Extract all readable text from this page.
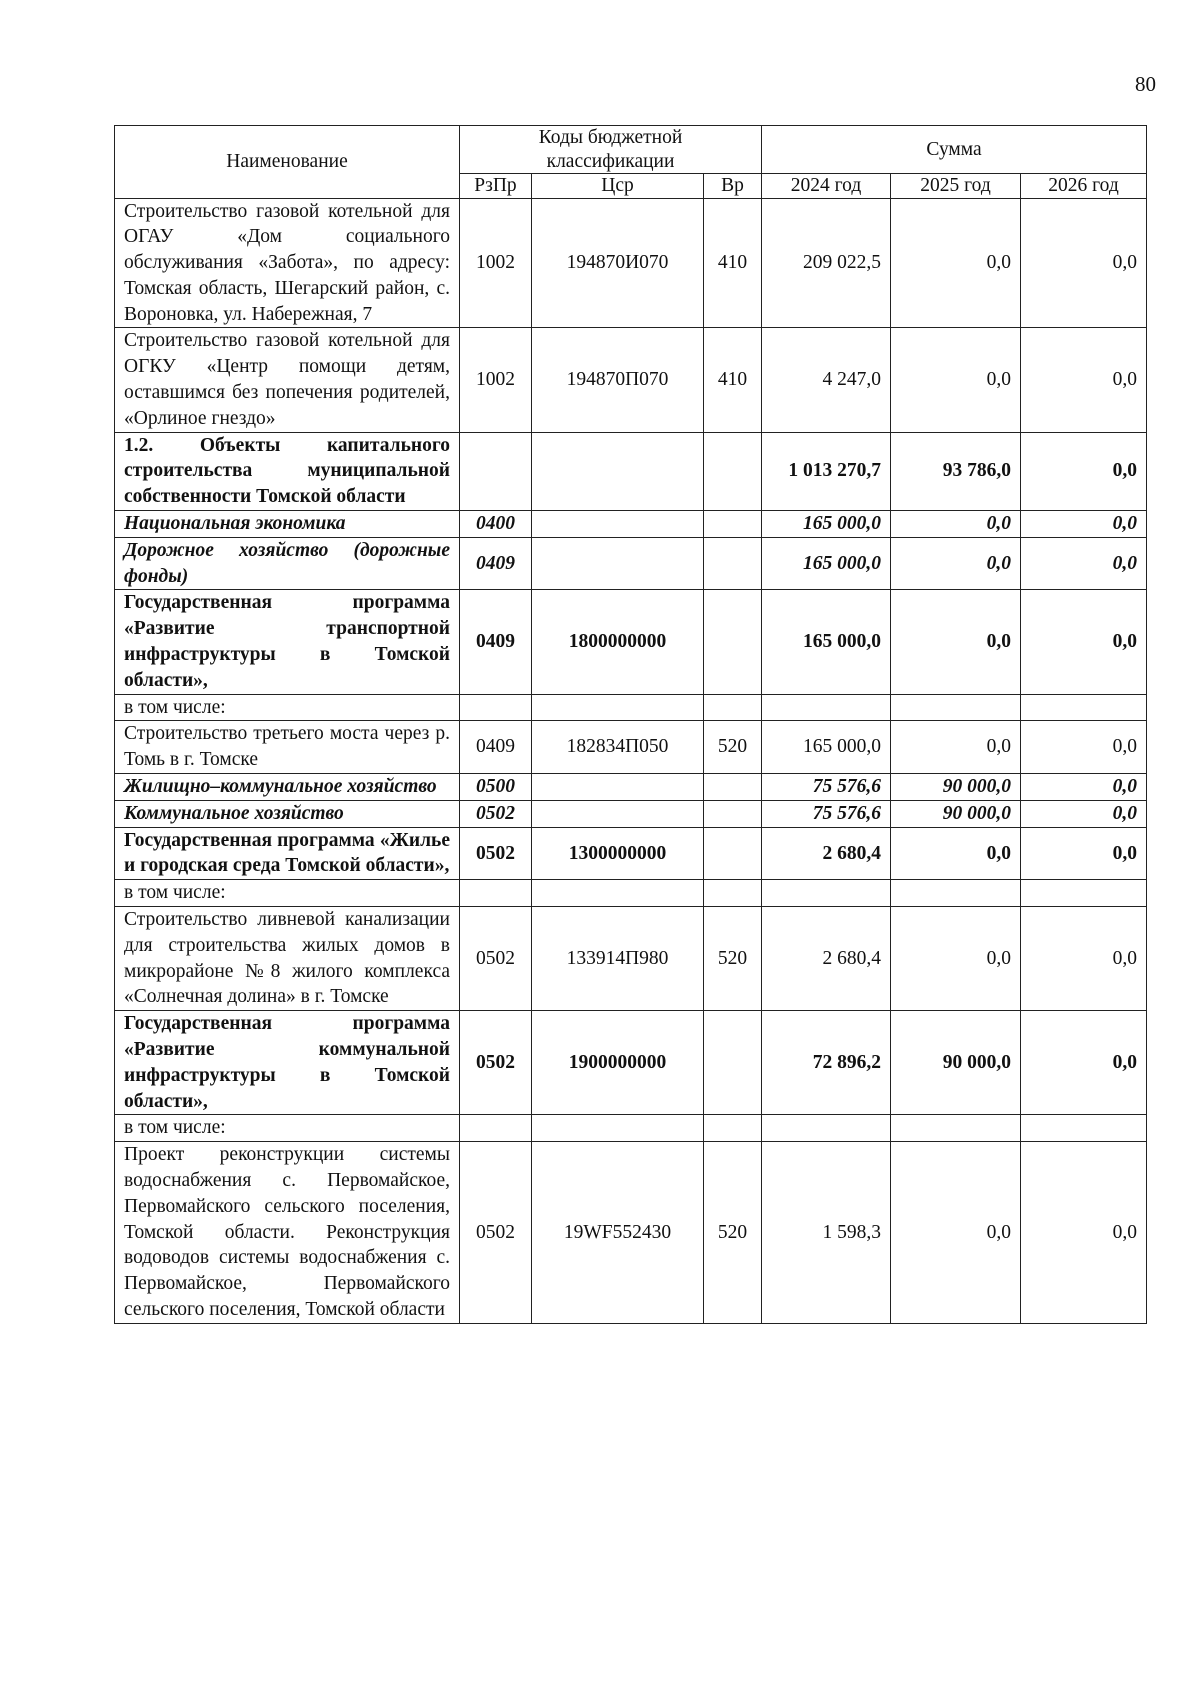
80
Наименование	Коды бюджетной классификации			Сумма		
	РзПр	Цср	Вр	2024 год	2025 год	2026 год
Строительство газовой котельной для ОГАУ «Дом социального обслуживания «Забота», по адресу: Томская область, Шегарский район, с. Вороновка, ул. Набережная, 7	1002	194870И070	410	209 022,5	0,0	0,0
Строительство газовой котельной для ОГКУ «Центр помощи детям, оставшимся без попечения родителей, «Орлиное гнездо»	1002	194870П070	410	4 247,0	0,0	0,0
1.2. Объекты капитального строительства муниципальной собственности Томской области				1 013 270,7	93 786,0	0,0
Национальная экономика	0400			165 000,0	0,0	0,0
Дорожное хозяйство (дорожные фонды)	0409			165 000,0	0,0	0,0
Государственная программа «Развитие транспортной инфраструктуры в Томской области»,	0409	1800000000		165 000,0	0,0	0,0
в том числе:						
Строительство третьего моста через р. Томь в г. Томске	0409	182834П050	520	165 000,0	0,0	0,0
Жилищно–коммунальное хозяйство	0500			75 576,6	90 000,0	0,0
Коммунальное хозяйство	0502			75 576,6	90 000,0	0,0
Государственная программа «Жилье и городская среда Томской области»,	0502	1300000000		2 680,4	0,0	0,0
в том числе:						
Строительство ливневой канализации для строительства жилых домов в микрорайоне №8 жилого комплекса «Солнечная долина» в г. Томске	0502	133914П980	520	2 680,4	0,0	0,0
Государственная программа «Развитие коммунальной инфраструктуры в Томской области»,	0502	1900000000		72 896,2	90 000,0	0,0
в том числе:						
Проект реконструкции системы водоснабжения с. Первомайское, Первомайского сельского поселения, Томской области. Реконструкция водоводов системы водоснабжения с. Первомайское, Первомайского сельского поселения, Томской области	0502	19WF552430	520	1 598,3	0,0	0,0
